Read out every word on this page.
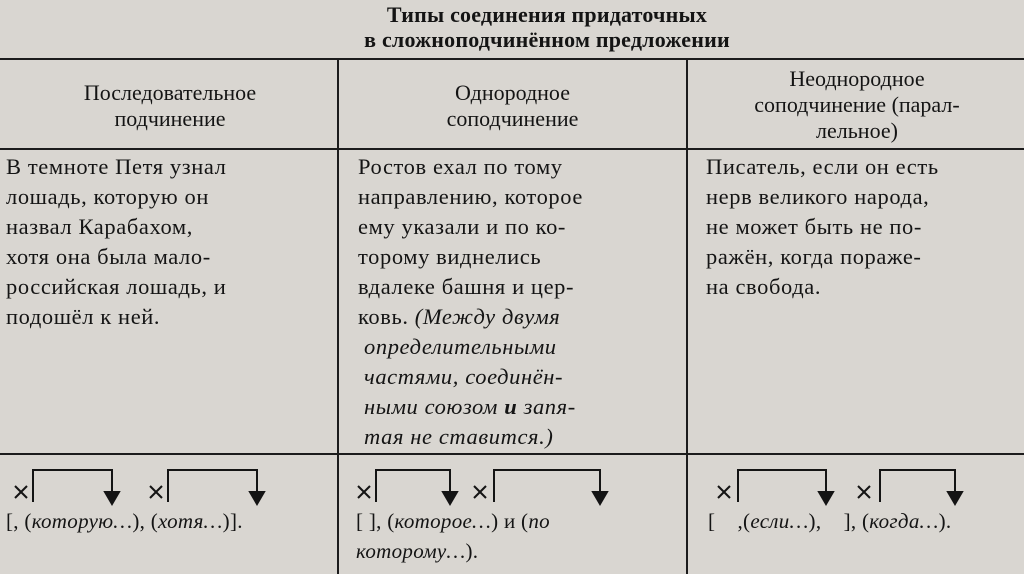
Типы соединения придаточных
в сложноподчинённом предложении
Последовательное
подчинение
Однородное
соподчинение
Неоднородное
соподчинение (парал-
лельное)
В темноте Петя узнал
лошадь, которую он
назвал Карабахом,
хотя она была мало-
российская лошадь, и
подошёл к ней.
Ростов ехал по тому
направлению, которое
ему указали и по ко-
торому виднелись
вдалеке башня и цер-
ковь. (Между двумя
определительными
частями, соединён-
ными союзом и запя-
тая не ставится.)
Писатель, если он есть
нерв великого народа,
не может быть не по-
ражён, когда пораже-
на свобода.
[, (которую…), (хотя…)].	[ ], (которое…) и (по
которому…).
[    ,(если…),    ], (когда…).
